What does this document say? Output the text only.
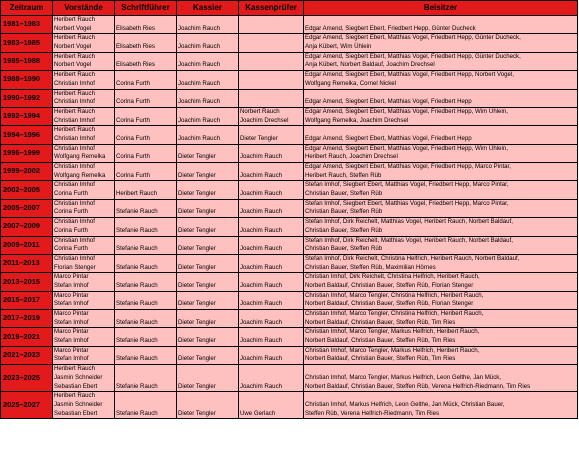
Zeitraum	Vorstände	Schriftführer	Kassier	Kassenprüfer	Beisitzer
1981–1983	Heribert Rauch
Norbert Vogel	Elisabeth Ries	Joachim Rauch		Edgar Amend, Siegbert Ebert, Friedbert Hepp, Günter Ducheck

1983–1985	Heribert Rauch
Norbert Vogel	Elisabeth Ries	Joachim Rauch		Edgar Amend, Siegbert Ebert, Matthias Vogel, Friedbert Hepp, Günter Ducheck,
Anja Kübert, Wim Ühlein

1985–1988	Heribert Rauch
Norbert Vogel	Elisabeth Ries	Joachim Rauch		Edgar Amend, Siegbert Ebert, Matthias Vogel, Friedbert Hepp, Günter Ducheck,
Anja Kübert, Norbert Baldauf, Joachim Drechsel

1988–1990	Heribert Rauch
Christian Imhof	Corina Furth	Joachim Rauch		Edgar Amend, Siegbert Ebert, Matthias Vogel, Friedbert Hepp, Norbert Vogel,
Wolfgang Remelka, Cornel Nickel

1990–1992	Heribert Rauch
Christian Imhof	Corina Furth	Joachim Rauch		Edgar Amend, Siegbert Ebert, Matthias Vogel, Friedbert Hepp

1992–1994	Heribert Rauch
Christian Imhof	Corina Furth	Joachim Rauch	Norbert Rauch
Joachim Drechsel	Edgar Amend, Siegbert Ebert, Matthias Vogel, Friedbert Hepp, Wim Ühlein,
Wolfgang Remelka, Joachim Drechsel

1994–1996	Heribert Rauch
Christian Imhof	Corina Furth	Joachim Rauch	Dieter Tengler	Edgar Amend, Siegbert Ebert, Matthias Vogel, Friedbert Hepp

1996–1999	Christian Imhof
Wolfgang Remelka	Corina Furth	Dieter Tengler	Joachim Rauch	Edgar Amend, Siegbert Ebert, Matthias Vogel, Friedbert Hepp, Wim Ühlein,
Heribert Rauch, Joachim Drechsel

1999–2002	Christian Imhof
Wolfgang Remelka	Corina Furth	Dieter Tengler	Joachim Rauch	Edgar Amend, Siegbert Ebert, Matthias Vogel, Friedbert Hepp, Marco Pintar,
Heribert Rauch, Steffen Rüb

2002–2005	Christian Imhof
Corina Furth	Heribert Rauch	Dieter Tengler	Joachim Rauch	Stefan Imhof, Siegbert Ebert, Matthias Vogel, Friedbert Hepp, Marco Pintar,
Christian Bauer, Steffen Rüb

2005–2007	Christian Imhof
Corina Furth	Stefanie Rauch	Dieter Tengler	Joachim Rauch	Stefan Imhof, Siegbert Ebert, Matthias Vogel, Friedbert Hepp, Marco Pintar,
Christian Bauer, Steffen Rüb

2007–2009	Christian Imhof
Corina Furth	Stefanie Rauch	Dieter Tengler	Joachim Rauch	Stefan Imhof, Dirk Reichelt, Matthias Vogel, Heribert Rauch, Norbert Baldauf,
Christian Bauer, Steffen Rüb

2009–2011	Christian Imhof
Corina Furth	Stefanie Rauch	Dieter Tengler	Joachim Rauch	Stefan Imhof, Dirk Reichelt, Matthias Vogel, Heribert Rauch, Norbert Baldauf,
Christian Bauer, Steffen Rüb

2011–2013	Christian Imhof
Florian Stenger	Stefanie Rauch	Dieter Tengler	Joachim Rauch	Stefan Imhof, Dirk Reichelt, Christina Helfrich, Heribert Rauch, Norbert Baldauf,
Christian Bauer, Steffen Rüb, Maximilian Hörnes

2013–2015	Marco Pintar
Stefan Imhof	Stefanie Rauch	Dieter Tengler	Joachim Rauch	Christian Imhof, Dirk Reichelt, Christina Helfrich, Heribert Rauch,
Norbert Baldauf, Christian Bauer, Steffen Rüb, Florian Stenger

2015–2017	Marco Pintar
Stefan Imhof	Stefanie Rauch	Dieter Tengler	Joachim Rauch	Christian Imhof, Marco Tengler, Christina Helfrich, Heribert Rauch,
Norbert Baldauf, Christian Bauer, Steffen Rüb, Florian Stenger

2017–2019	Marco Pintar
Stefan Imhof	Stefanie Rauch	Dieter Tengler	Joachim Rauch	Christian Imhof, Marco Tengler, Christina Helfrich, Heribert Rauch,
Norbert Baldauf, Christian Bauer, Steffen Rüb, Tim Ries

2019–2021	Marco Pintar
Stefan Imhof	Stefanie Rauch	Dieter Tengler	Joachim Rauch	Christian Imhof, Marco Tengler, Markus Helfrich, Heribert Rauch,
Norbert Baldauf, Christian Bauer, Steffen Rüb, Tim Ries

2021–2023	Marco Pintar
Stefan Imhof	Stefanie Rauch	Dieter Tengler	Joachim Rauch	Christian Imhof, Marco Tengler, Markus Helfrich, Heribert Rauch,
Norbert Baldauf, Christian Bauer, Steffen Rüb, Tim Ries

2023–2025	Heribert Rauch
Jasmin Schneider
Sebastian Ebert	Stefanie Rauch	Dieter Tengler	Joachim Rauch	Christian Imhof, Marco Tengler, Markus Helfrich, Leon Gelthe, Jan Mück,
Norbert Baldauf, Christian Bauer, Steffen Rüb, Verena Helfrich-Riedmann, Tim Ries

2025–2027	Heribert Rauch
Jasmin Schneider
Sebastian Ebert	Stefanie Rauch	Dieter Tengler	Uwe Gerlach	Christian Imhof, Markus Helfrich, Leon Gelthe, Jan Mück, Christian Bauer,
Steffen Rüb, Verena Helfrich-Riedmann, Tim Ries
